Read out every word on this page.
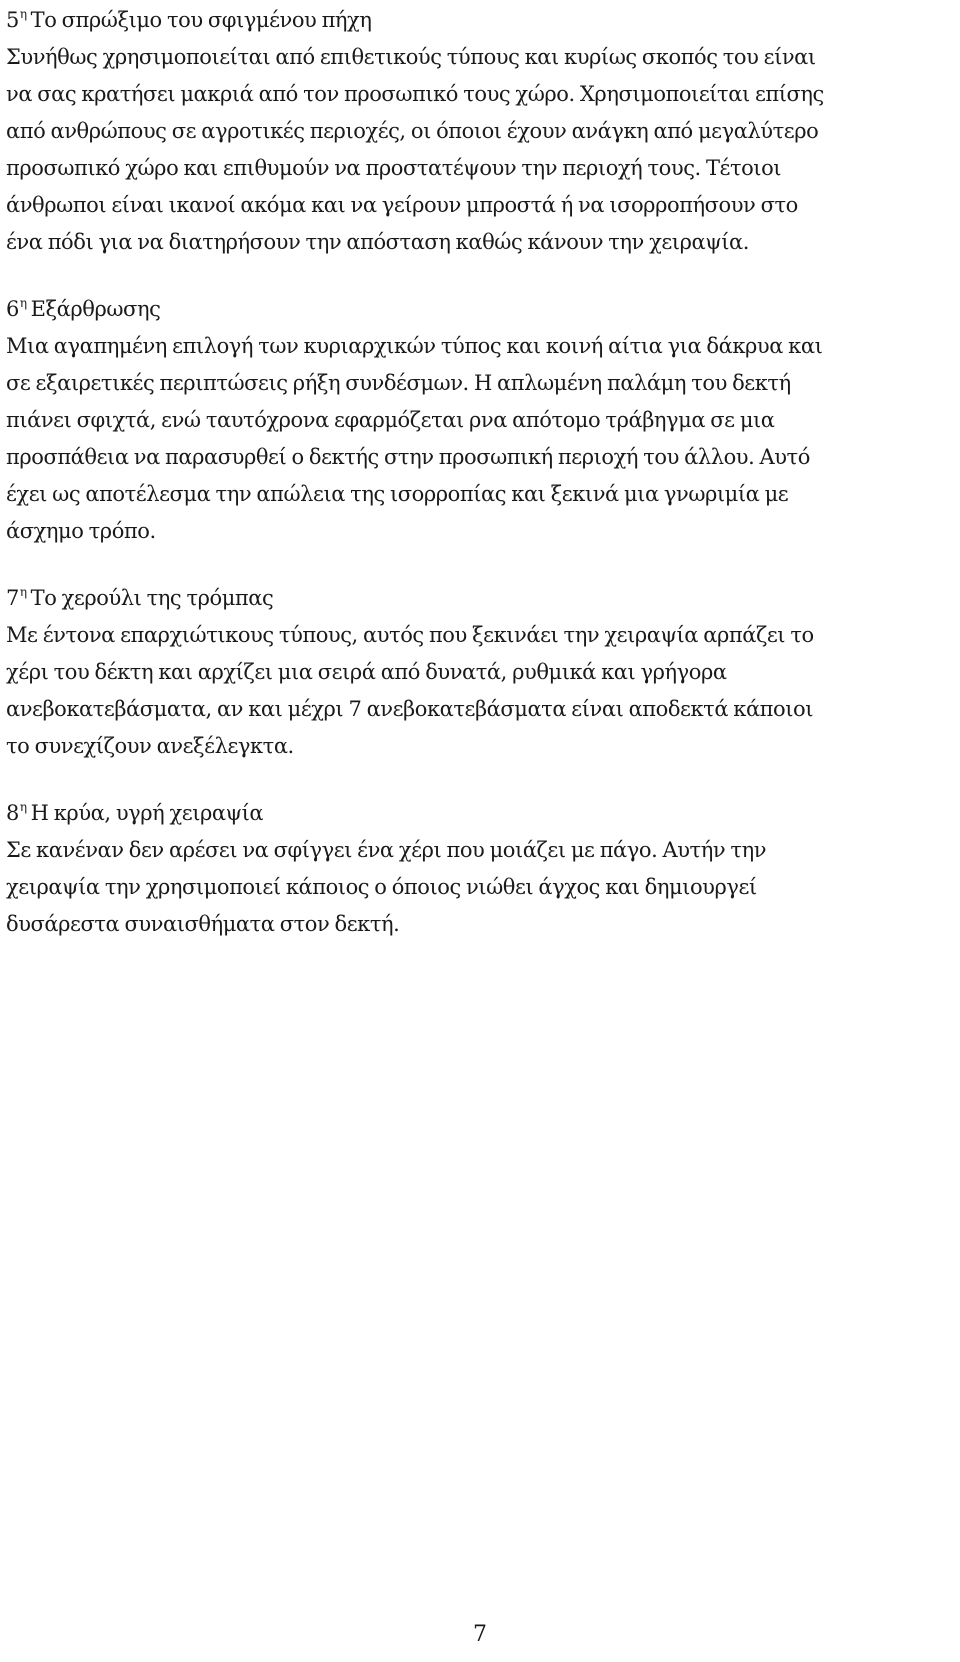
$5^\eta$ Το σπρώξιμο του σφιγμένου πήχη
Συνήθως χρησιμοποιείται από επιθετικούς τύπους και κυρίως σκοπός του είναι
να σας κρατήσει μακριά από τον προσωπικό τους χώρο. Χρησιμοποιείται επίσης
από ανθρώπους σε αγροτικές περιοχές, οι όποιοι έχουν ανάγκη από μεγαλύτερο
προσωπικό χώρο και επιθυμούν να προστατέψουν την περιοχή τους. Τέτοιοι
άνθρωποι είναι ικανοί ακόμα και να γείρουν μπροστά ή να ισορροπήσουν στο
ένα πόδι για να διατηρήσουν την απόσταση καθώς κάνουν την χειραψία.
$6^\eta$ Εξάρθρωσης
Μια αγαπημένη επιλογή των κυριαρχικών τύπος και κοινή αίτια για δάκρυα και
σε εξαιρετικές περιπτώσεις ρήξη συνδέσμων. Η απλωμένη παλάμη του δεκτή
πιάνει σφιχτά, ενώ ταυτόχρονα εφαρμόζεται ρνα απότομο τράβηγμα σε μια
προσπάθεια να παρασυρθεί ο δεκτής στην προσωπική περιοχή του άλλου. Αυτό
έχει ως αποτέλεσμα την απώλεια της ισορροπίας και ξεκινά μια γνωριμία με
άσχημο τρόπο.
$7^\eta$ Το χερούλι της τρόμπας
Με έντονα επαρχιώτικους τύπους, αυτός που ξεκινάει την χειραψία αρπάζει το
χέρι του δέκτη και αρχίζει μια σειρά από δυνατά, ρυθμικά και γρήγορα
ανεβοκατεβάσματα, αν και μέχρι 7 ανεβοκατεβάσματα είναι αποδεκτά κάποιοι
το συνεχίζουν ανεξέλεγκτα.
$8^\eta$ Η κρύα, υγρή χειραψία
Σε κανέναν δεν αρέσει να σφίγγει ένα χέρι που μοιάζει με πάγο. Αυτήν την
χειραψία την χρησιμοποιεί κάποιος ο όποιος νιώθει άγχος και δημιουργεί
δυσάρεστα συναισθήματα στον δεκτή.
7
